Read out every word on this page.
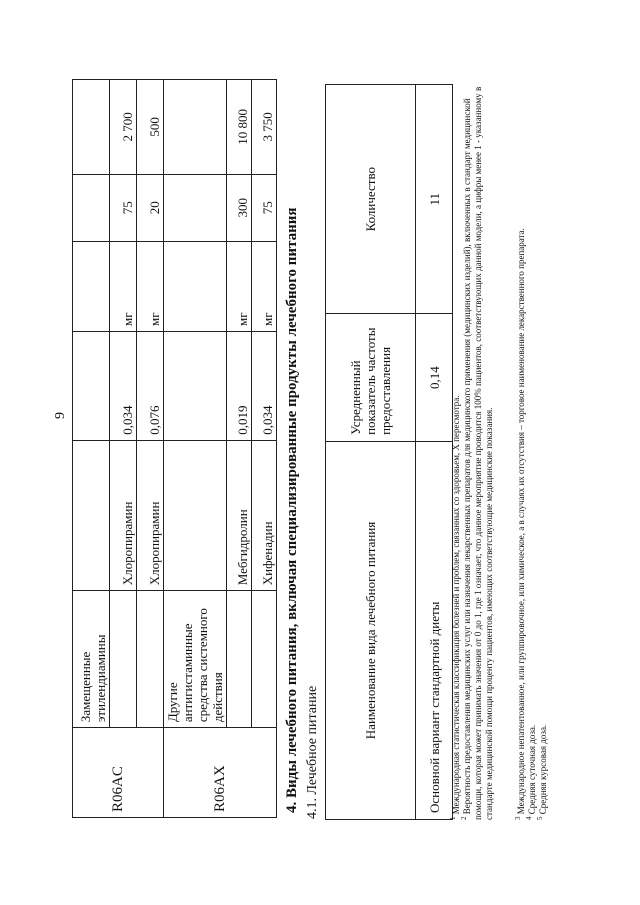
9
R06AC	Замещенные этилендиамины					
		Хлоропирамин	0,034	мг	75	2 700
		Хлоропирамин	0,076	мг	20	500
R06AX	Другие антигистаминные средства системного действия					
		Мебгидролин	0,019	мг	300	10 800
		Хифенадин	0,034	мг	75	3 750
4. Виды лечебного питания, включая специализированные продукты лечебного питания 4.1. Лечебное питание
Наименование вида лечебного питания	Усредненный показатель частоты предоставления	Количество
Основной вариант стандартной диеты	0,14	11
$^1$ Международная статистическая классификация болезней и проблем, связанных со здоровьем, X пересмотра.
$^2$ Вероятность предоставления медицинских услуг или назначения лекарственных препаратов для медицинского применения (медицинских изделий), включенных в стандарт медицинской помощи, которая может принимать значения от 0 до 1, где 1 означает, что данное мероприятие проводится 100% пациентов, соответствующих данной модели, а цифры менее 1 - указанному в стандарте медицинской помощи проценту пациентов, имеющих соответствующие медицинские показания.	$^3$ Международное непатентованное, или группировочное, или химическое, а в случаях их отсутствия – торговое наименование лекарственного препарата.
$^4$ Средняя суточная доза.
$^5$ Средняя курсовая доза.
